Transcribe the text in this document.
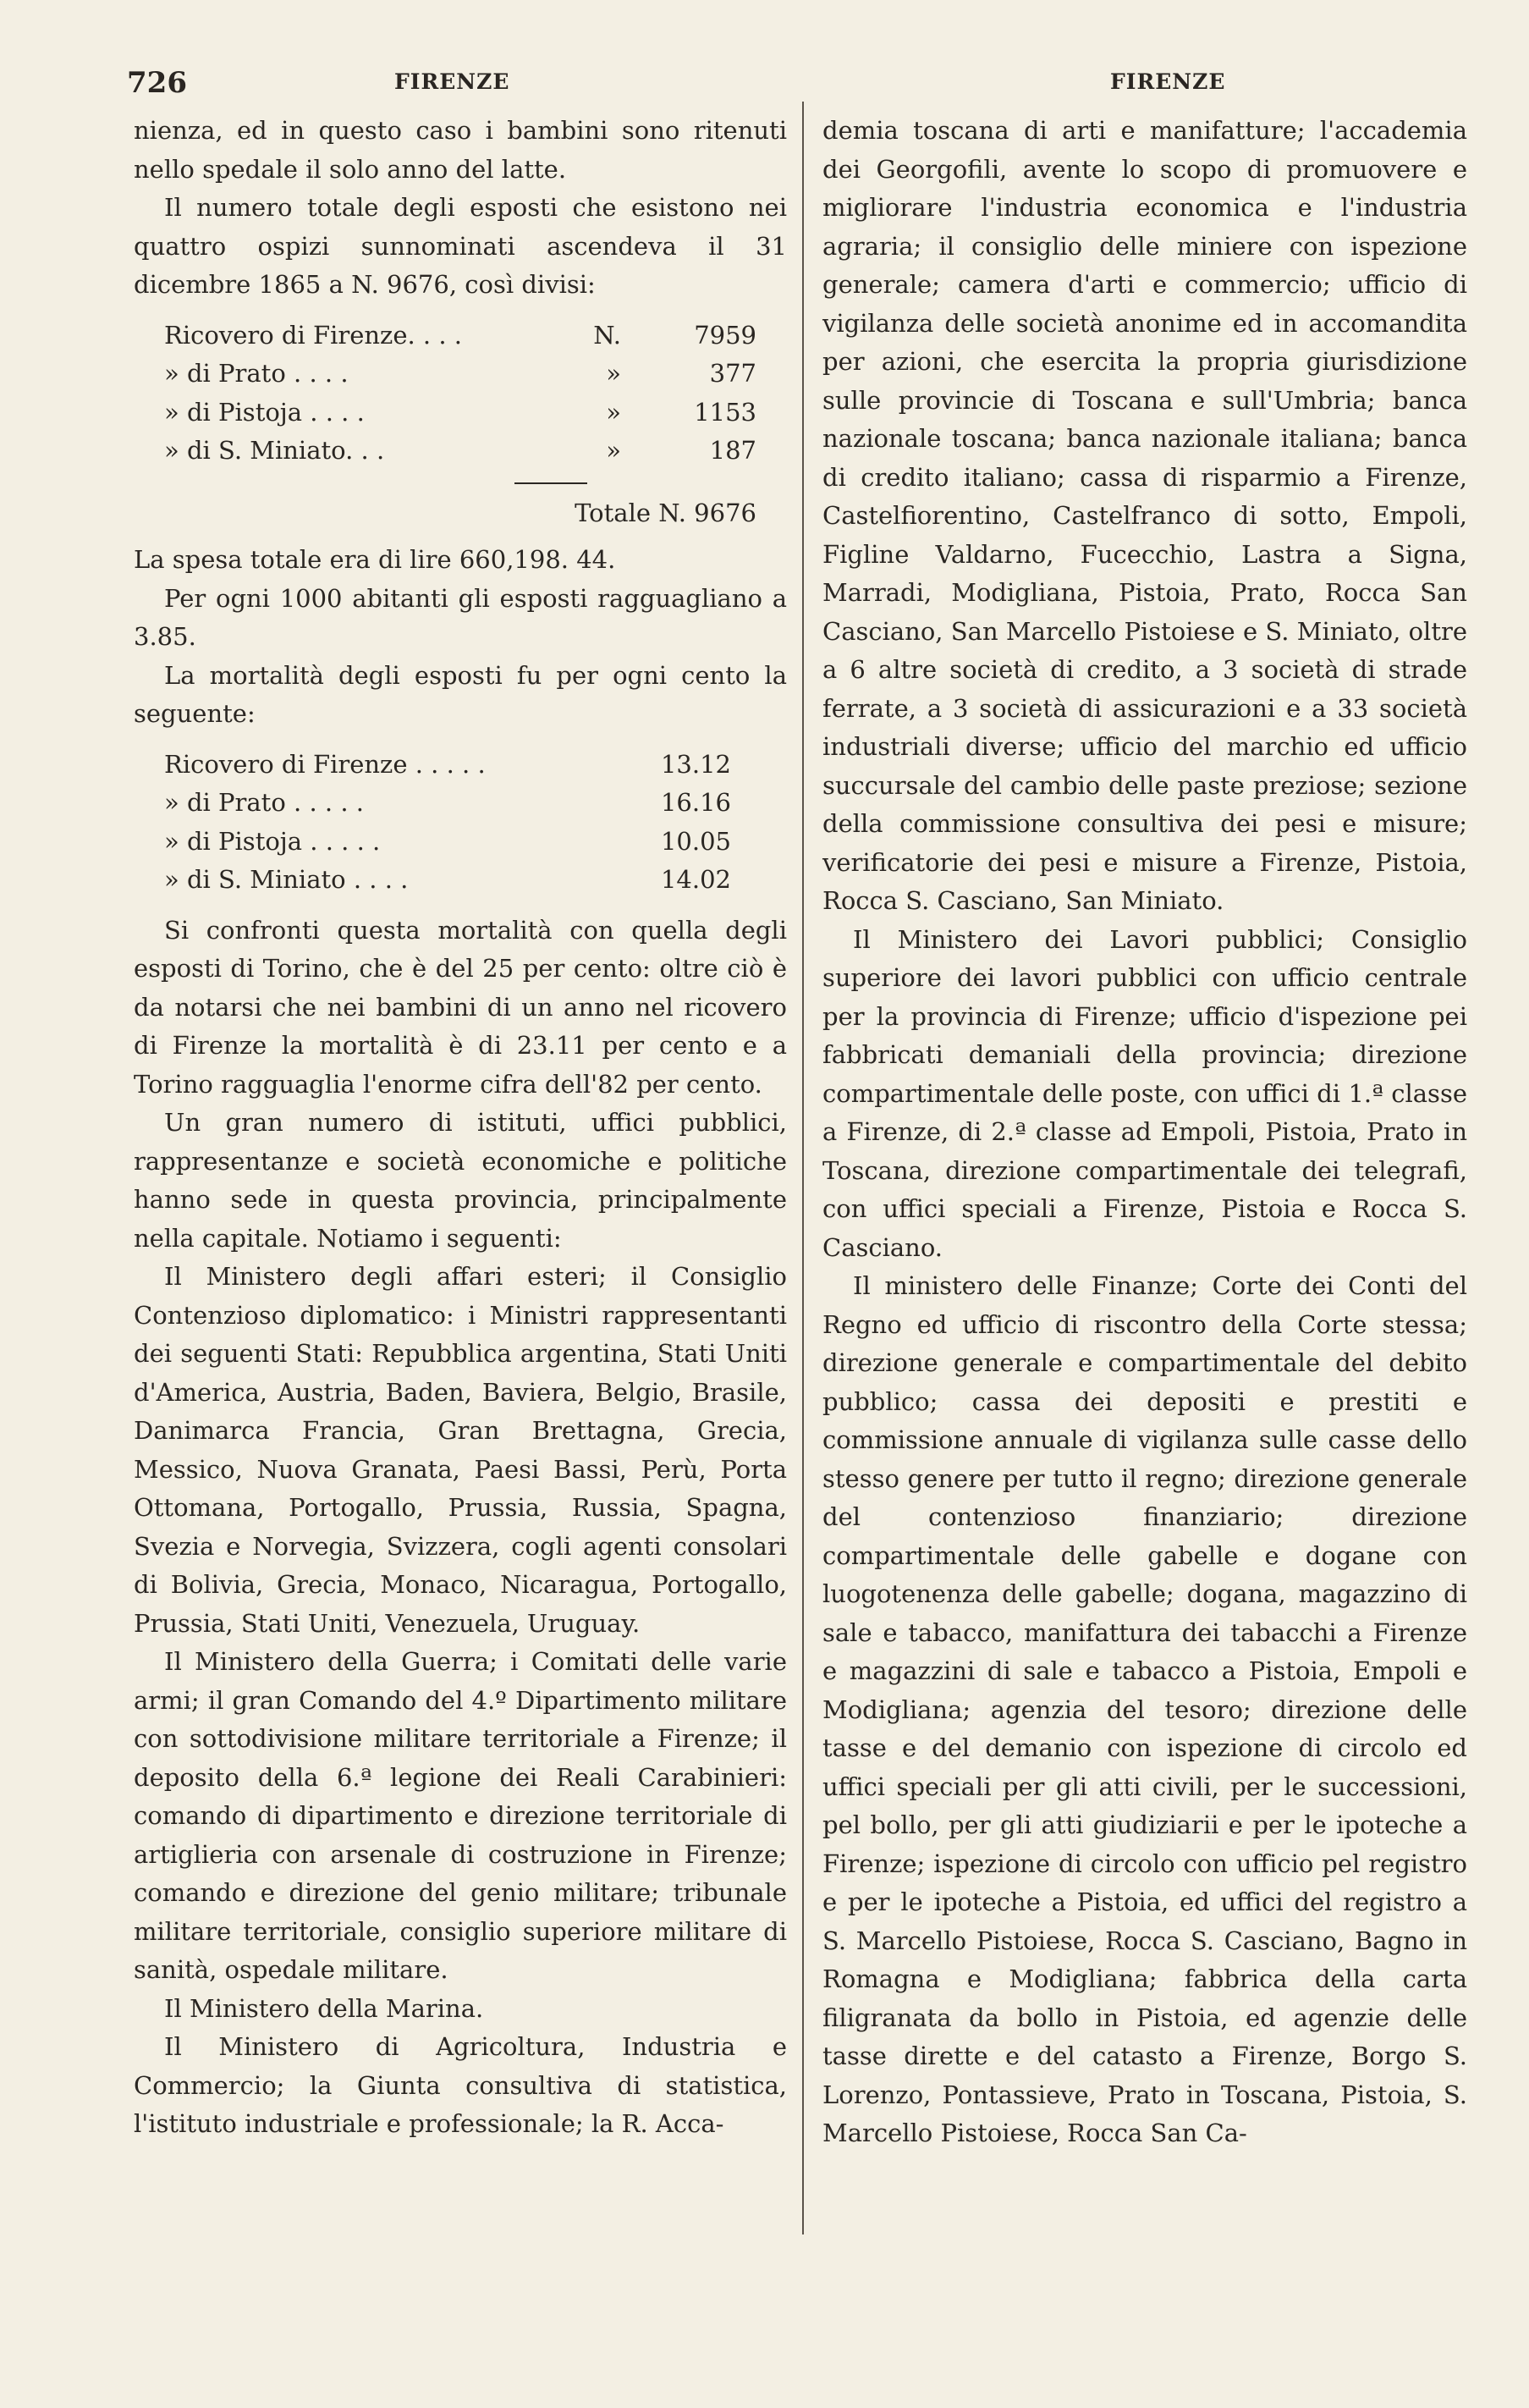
726	FIRENZE	FIRENZE

nienza, ed in questo caso i bambini sono ritenuti nello spedale il solo anno del latte.

Il numero totale degli esposti che esistono nei quattro ospizi sunnominati ascendeva il 31 dicembre 1865 a N. 9676, così divisi:

Ricovero di Firenze. . . .	N.	7959
» di Prato . . . .	»	377
» di Pistoja . . . .	»	1153
» di S. Miniato. . .	»	187
Totale N. 9676

La spesa totale era di lire 660,198. 44.

Per ogni 1000 abitanti gli esposti ragguagliano a 3.85.

La mortalità degli esposti fu per ogni cento la seguente:

Ricovero di Firenze . . . . .	13.12
» di Prato . . . . .	16.16
» di Pistoja . . . . .	10.05
» di S. Miniato . . . .	14.02

Si confronti questa mortalità con quella degli esposti di Torino, che è del 25 per cento: oltre ciò è da notarsi che nei bambini di un anno nel ricovero di Firenze la mortalità è di 23.11 per cento e a Torino ragguaglia l'enorme cifra dell'82 per cento.

Un gran numero di istituti, uffici pubblici, rappresentanze e società economiche e politiche hanno sede in questa provincia, principalmente nella capitale. Notiamo i seguenti:

Il Ministero degli affari esteri; il Consiglio Contenzioso diplomatico: i Ministri rappresentanti dei seguenti Stati: Repubblica argentina, Stati Uniti d'America, Austria, Baden, Baviera, Belgio, Brasile, Danimarca Francia, Gran Brettagna, Grecia, Messico, Nuova Granata, Paesi Bassi, Perù, Porta Ottomana, Portogallo, Prussia, Russia, Spagna, Svezia e Norvegia, Svizzera, cogli agenti consolari di Bolivia, Grecia, Monaco, Nicaragua, Portogallo, Prussia, Stati Uniti, Venezuela, Uruguay.

Il Ministero della Guerra; i Comitati delle varie armi; il gran Comando del 4.º Dipartimento militare con sottodivisione militare territoriale a Firenze; il deposito della 6.ª legione dei Reali Carabinieri: comando di dipartimento e direzione territoriale di artiglieria con arsenale di costruzione in Firenze; comando e direzione del genio militare; tribunale militare territoriale, consiglio superiore militare di sanità, ospedale militare.

Il Ministero della Marina.

Il Ministero di Agricoltura, Industria e Commercio; la Giunta consultiva di statistica, l'istituto industriale e professionale; la R. Acca-

demia toscana di arti e manifatture; l'accademia dei Georgofili, avente lo scopo di promuovere e migliorare l'industria economica e l'industria agraria; il consiglio delle miniere con ispezione generale; camera d'arti e commercio; ufficio di vigilanza delle società anonime ed in accomandita per azioni, che esercita la propria giurisdizione sulle provincie di Toscana e sull'Umbria; banca nazionale toscana; banca nazionale italiana; banca di credito italiano; cassa di risparmio a Firenze, Castelfiorentino, Castelfranco di sotto, Empoli, Figline Valdarno, Fucecchio, Lastra a Signa, Marradi, Modigliana, Pistoia, Prato, Rocca San Casciano, San Marcello Pistoiese e S. Miniato, oltre a 6 altre società di credito, a 3 società di strade ferrate, a 3 società di assicurazioni e a 33 società industriali diverse; ufficio del marchio ed ufficio succursale del cambio delle paste preziose; sezione della commissione consultiva dei pesi e misure; verificatorie dei pesi e misure a Firenze, Pistoia, Rocca S. Casciano, San Miniato.

Il Ministero dei Lavori pubblici; Consiglio superiore dei lavori pubblici con ufficio centrale per la provincia di Firenze; ufficio d'ispezione pei fabbricati demaniali della provincia; direzione compartimentale delle poste, con uffici di 1.ª classe a Firenze, di 2.ª classe ad Empoli, Pistoia, Prato in Toscana, direzione compartimentale dei telegrafi, con uffici speciali a Firenze, Pistoia e Rocca S. Casciano.

Il ministero delle Finanze; Corte dei Conti del Regno ed ufficio di riscontro della Corte stessa; direzione generale e compartimentale del debito pubblico; cassa dei depositi e prestiti e commissione annuale di vigilanza sulle casse dello stesso genere per tutto il regno; direzione generale del contenzioso finanziario; direzione compartimentale delle gabelle e dogane con luogotenenza delle gabelle; dogana, magazzino di sale e tabacco, manifattura dei tabacchi a Firenze e magazzini di sale e tabacco a Pistoia, Empoli e Modigliana; agenzia del tesoro; direzione delle tasse e del demanio con ispezione di circolo ed uffici speciali per gli atti civili, per le successioni, pel bollo, per gli atti giudiziarii e per le ipoteche a Firenze; ispezione di circolo con ufficio pel registro e per le ipoteche a Pistoia, ed uffici del registro a S. Marcello Pistoiese, Rocca S. Casciano, Bagno in Romagna e Modigliana; fabbrica della carta filigranata da bollo in Pistoia, ed agenzie delle tasse dirette e del catasto a Firenze, Borgo S. Lorenzo, Pontassieve, Prato in Toscana, Pistoia, S. Marcello Pistoiese, Rocca San Ca-
